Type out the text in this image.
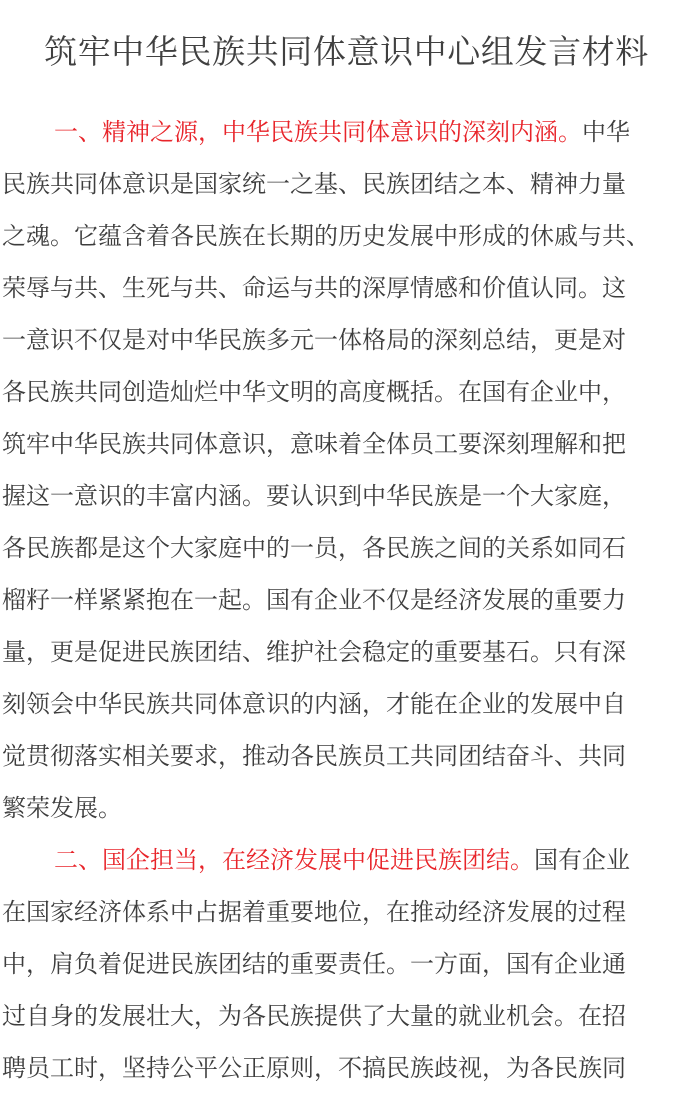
筑牢中华民族共同体意识中心组发言材料
一、精神之源，中华民族共同体意识的深刻内涵。中华
民族共同体意识是国家统一之基、民族团结之本、精神力量
之魂。它蕴含着各民族在长期的历史发展中形成的休戚与共、
荣辱与共、生死与共、命运与共的深厚情感和价值认同。这
一意识不仅是对中华民族多元一体格局的深刻总结，更是对
各民族共同创造灿烂中华文明的高度概括。在国有企业中，
筑牢中华民族共同体意识，意味着全体员工要深刻理解和把
握这一意识的丰富内涵。要认识到中华民族是一个大家庭，
各民族都是这个大家庭中的一员，各民族之间的关系如同石
榴籽一样紧紧抱在一起。国有企业不仅是经济发展的重要力
量，更是促进民族团结、维护社会稳定的重要基石。只有深
刻领会中华民族共同体意识的内涵，才能在企业的发展中自
觉贯彻落实相关要求，推动各民族员工共同团结奋斗、共同
繁荣发展。
二、国企担当，在经济发展中促进民族团结。国有企业
在国家经济体系中占据着重要地位，在推动经济发展的过程
中，肩负着促进民族团结的重要责任。一方面，国有企业通
过自身的发展壮大，为各民族提供了大量的就业机会。在招
聘员工时，坚持公平公正原则，不搞民族歧视，为各民族同
